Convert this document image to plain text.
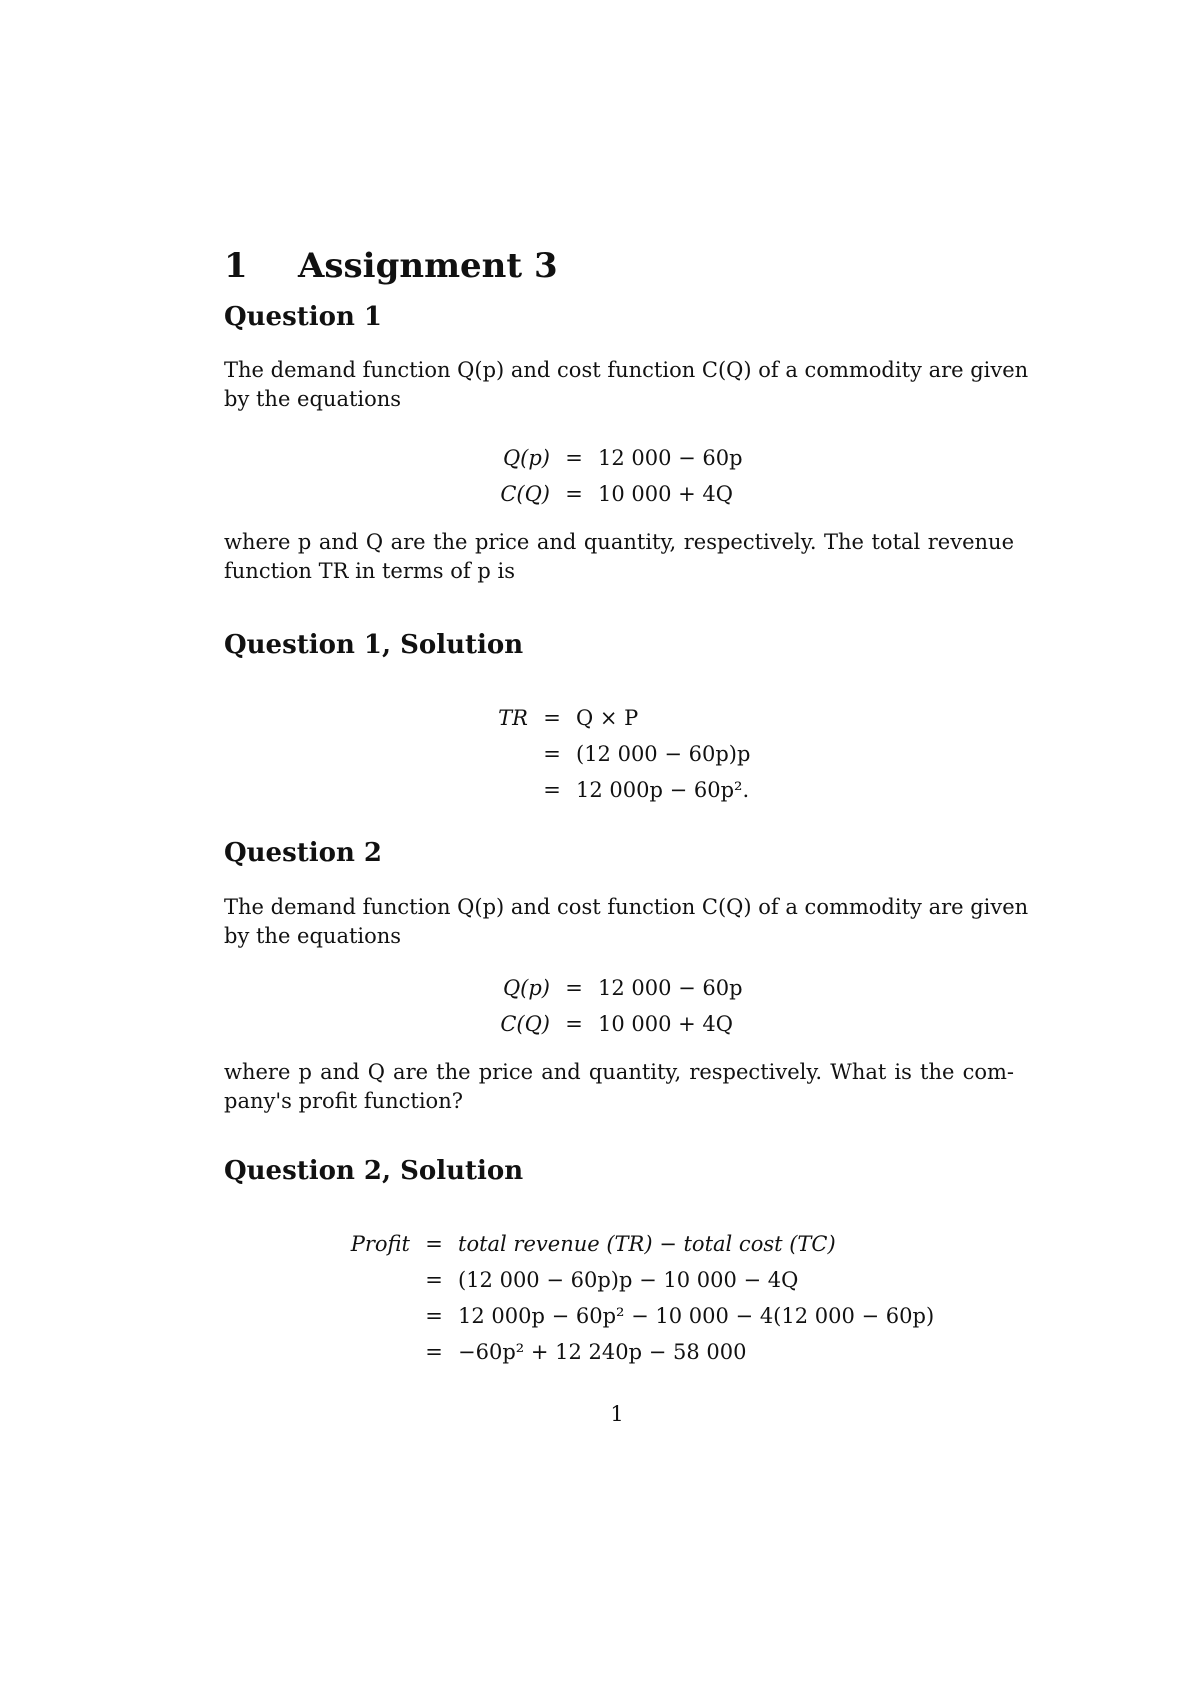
1 Assignment 3
Question 1

The demand function Q(p) and cost function C(Q) of a commodity are given
by the equations

Q(p) = 12 000 − 60p
C(Q) = 10 000 + 4Q

where p and Q are the price and quantity, respectively. The total revenue
function TR in terms of p is

Question 1, Solution
TR = Q × P
= (12 000 − 60p)p
= 12 000p − 60p².
Question 2

The demand function Q(p) and cost function C(Q) of a commodity are given
by the equations

Q(p) = 12 000 − 60p
C(Q) = 10 000 + 4Q

where p and Q are the price and quantity, respectively. What is the com-
pany's profit function?

Question 2, Solution
Profit = total revenue (TR) − total cost (TC)
= (12 000 − 60p)p − 10 000 − 4Q
= 12 000p − 60p² − 10 000 − 4(12 000 − 60p)
= −60p² + 12 240p − 58 000
1
